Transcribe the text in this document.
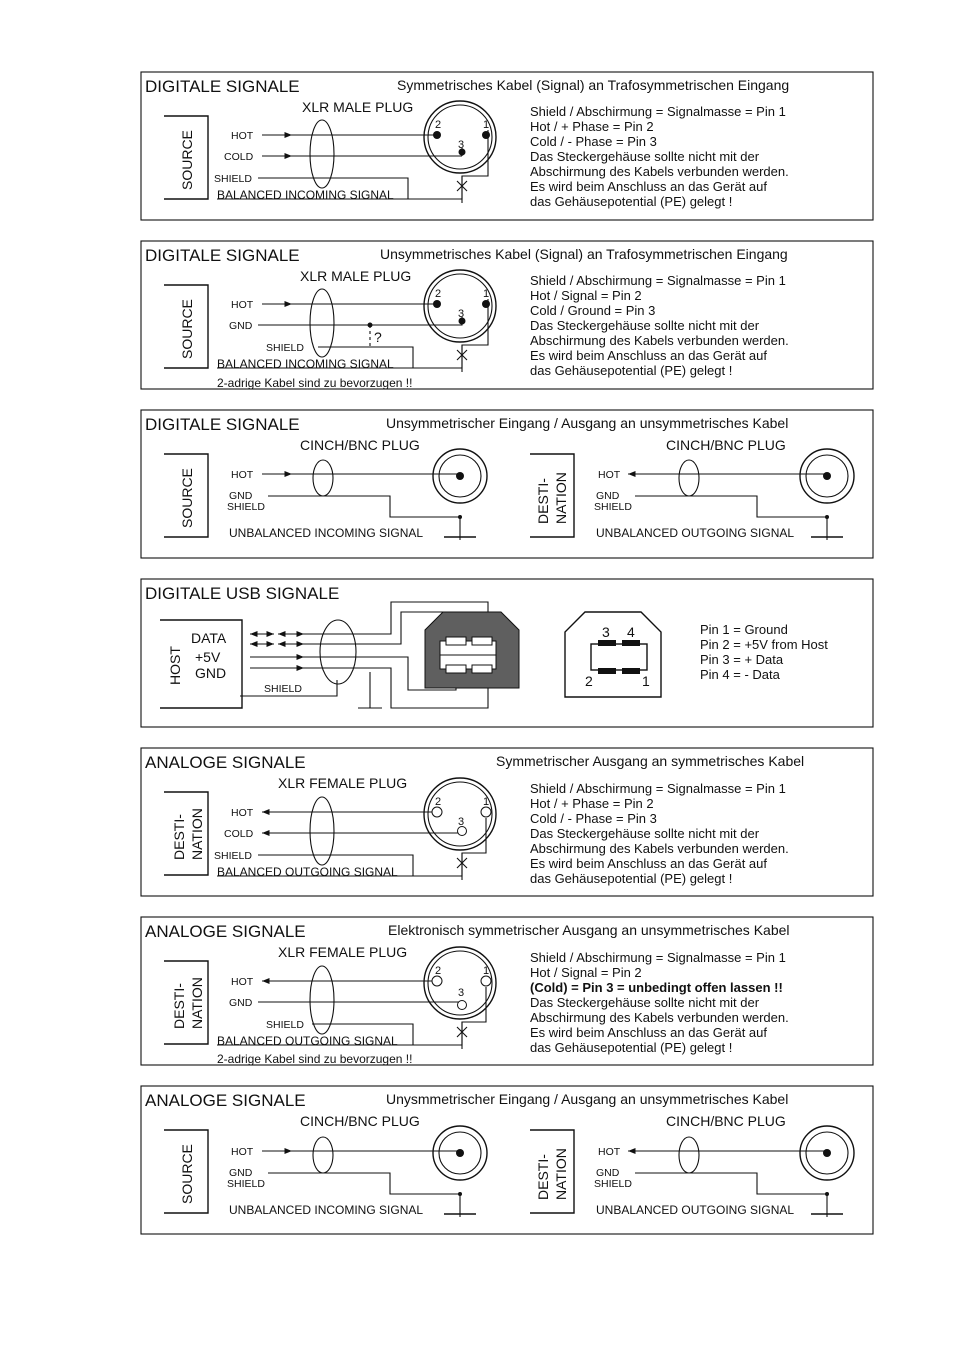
DIGITALE SIGNALE	Symmetrisches Kabel (Signal) an Trafosymmetrischen Eingang
XLR MALE PLUG
SOURCE	HOT
COLD
SHIELD
BALANCED INCOMING SIGNAL
2	1
3
Shield / Abschirmung = Signalmasse = Pin 1
Hot / + Phase = Pin 2
Cold / - Phase = Pin 3
Das Steckergehäuse sollte nicht mit der
Abschirmung des Kabels verbunden werden.
Es wird beim Anschluss an das Gerät auf
das Gehäusepotential (PE) gelegt !
DIGITALE SIGNALE	Unsymmetrisches Kabel (Signal) an Trafosymmetrischen Eingang
XLR MALE PLUG
SOURCE	HOT
GND
SHIELD
?
BALANCED INCOMING SIGNAL
2-adrige Kabel sind zu bevorzugen !!
2	1
3
Shield / Abschirmung = Signalmasse = Pin 1
Hot / Signal = Pin 2
Cold / Ground = Pin 3
Das Steckergehäuse sollte nicht mit der
Abschirmung des Kabels verbunden werden.
Es wird beim Anschluss an das Gerät auf
das Gehäusepotential (PE) gelegt !
DIGITALE SIGNALE	Unsymmetrischer Eingang / Ausgang an unsymmetrisches Kabel
CINCH/BNC PLUG
SOURCE	HOT
GND
SHIELD
UNBALANCED INCOMING SIGNAL
CINCH/BNC PLUG
DESTI- NATION	HOT
GND
SHIELD
UNBALANCED OUTGOING SIGNAL
DIGITALE USB SIGNALE
HOST
DATA
+5V
GND
SHIELD
3 4
2	1
Pin 1 = Ground
Pin 2 = +5V from Host
Pin 3 = + Data
Pin 4 = - Data
ANALOGE SIGNALE	Symmetrischer Ausgang an symmetrisches Kabel
XLR FEMALE PLUG
DESTI- NATION HOT
COLD
SHIELD
BALANCED OUTGOING SIGNAL
2	1
3
Shield / Abschirmung = Signalmasse = Pin 1
Hot / + Phase = Pin 2
Cold / - Phase = Pin 3
Das Steckergehäuse sollte nicht mit der
Abschirmung des Kabels verbunden werden.
Es wird beim Anschluss an das Gerät auf
das Gehäusepotential (PE) gelegt !
ANALOGE SIGNALE	Elektronisch symmetrischer Ausgang an unsymmetrisches Kabel
XLR FEMALE PLUG
DESTI- NATION HOT
GND
SHIELD
BALANCED OUTGOING SIGNAL
2-adrige Kabel sind zu bevorzugen !!
2	1
3
Shield / Abschirmung = Signalmasse = Pin 1
Hot / Signal = Pin 2
(Cold) = Pin 3 = unbedingt offen lassen !!
Das Steckergehäuse sollte nicht mit der
Abschirmung des Kabels verbunden werden.
Es wird beim Anschluss an das Gerät auf
das Gehäusepotential (PE) gelegt !
ANALOGE SIGNALE	Unysmmetrischer Eingang / Ausgang an unsymmetrisches Kabel
CINCH/BNC PLUG
SOURCE	HOT
GND
SHIELD
UNBALANCED INCOMING SIGNAL
CINCH/BNC PLUG
DESTI- NATION	HOT
GND
SHIELD
UNBALANCED OUTGOING SIGNAL
